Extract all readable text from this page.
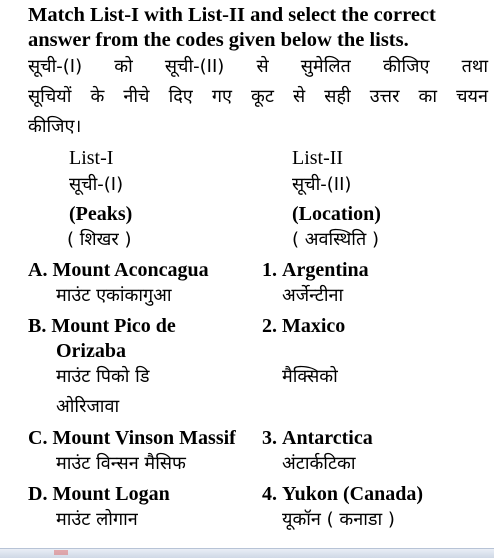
Match List-I with List-II and select the correct
answer from the codes given below the lists.
सूची-(I) को सूची-(II) से सुमेलित कीजिए तथा
सूचियों के नीचे दिए गए कूट से सही उत्तर का चयन
कीजिए।
List-I	List-II
सूची-(I)	सूची-(II)
(Peaks)	(Location)
( शिखर )	( अवस्थिति )
A. Mount Aconcagua	1. Argentina
माउंट एकांकागुआ	अर्जेन्टीना
B. Mount Pico de	2. Maxico
Orizaba
माउंट पिको डि	मैक्सिको
ओरिजावा
C. Mount Vinson Massif 3. Antarctica
माउंट विन्सन मैसिफ	अंटार्कटिका
D. Mount Logan	4. Yukon (Canada)
माउंट लोगान	यूकॉन ( कनाडा )
